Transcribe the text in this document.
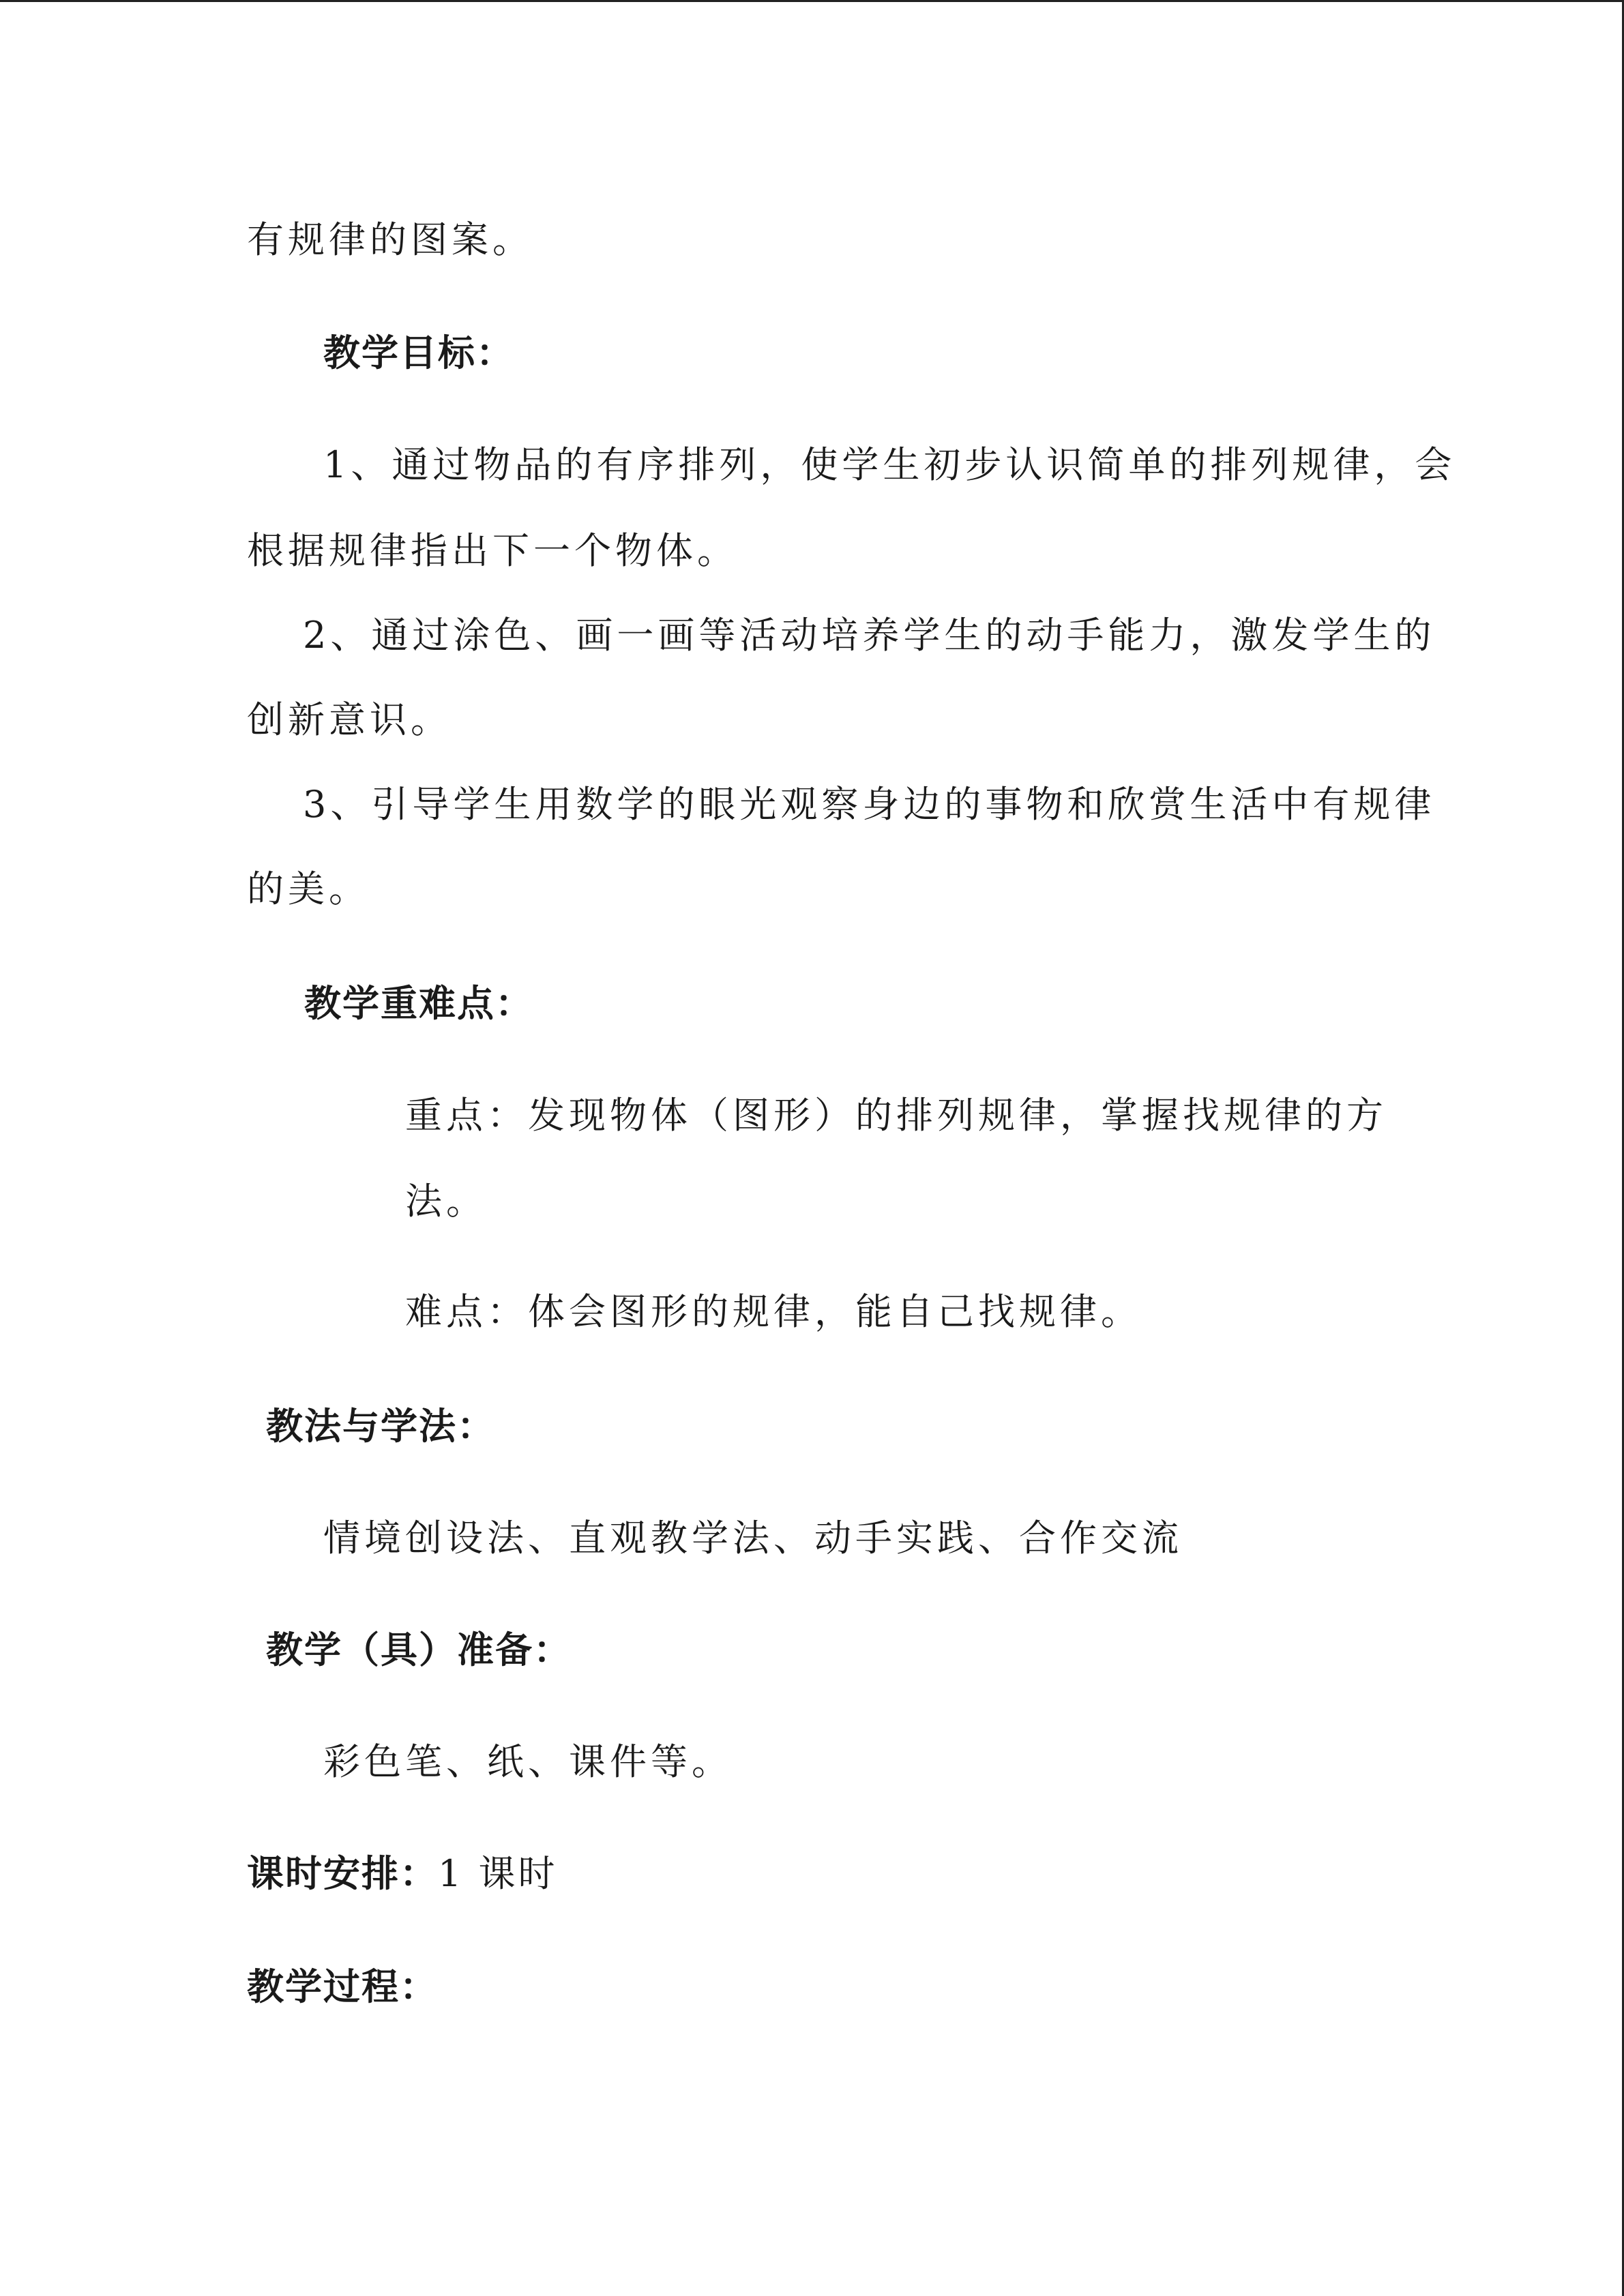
有规律的图案。
教学目标：
1、通过物品的有序排列，使学生初步认识简单的排列规律，会
根据规律指出下一个物体。
2、通过涂色、画一画等活动培养学生的动手能力，激发学生的
创新意识。
3、引导学生用数学的眼光观察身边的事物和欣赏生活中有规律
的美。
教学重难点：
重点：发现物体（图形）的排列规律，掌握找规律的方
法。
难点：体会图形的规律，能自己找规律。
教法与学法：
情境创设法、直观教学法、动手实践、合作交流
教学（具）准备：
彩色笔、纸、课件等。
课时安排：1 课时
教学过程：
